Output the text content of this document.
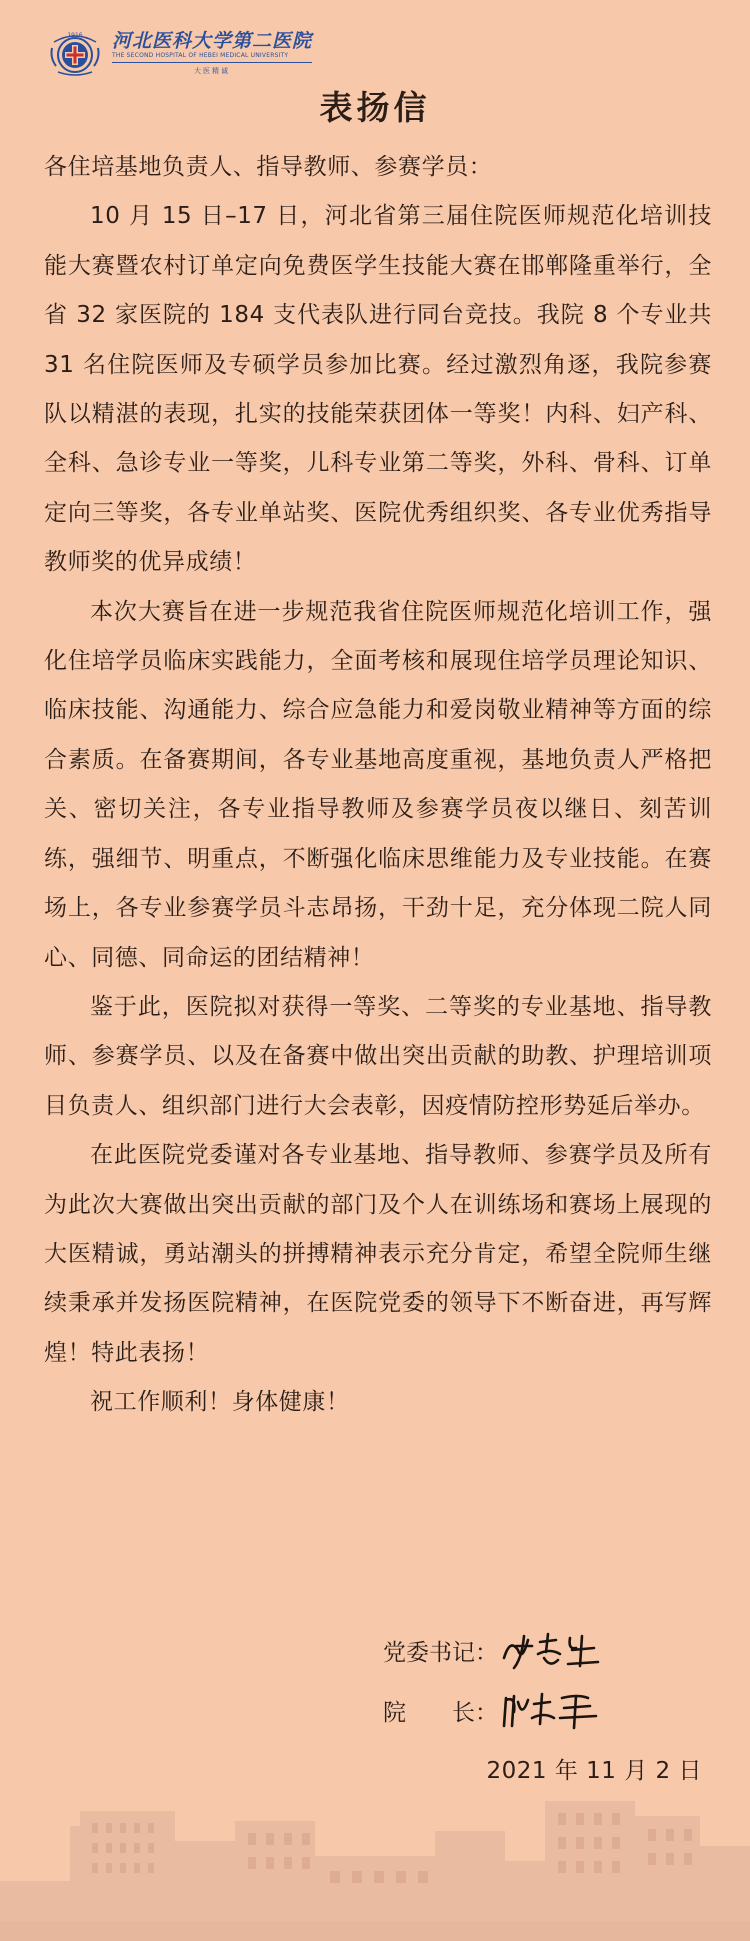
1916 河北医科大学第二医院
THE SECOND HOSPITAL OF HEBEI MEDICAL UNIVERSITY
大医精诚
表扬信

各住培基地负责人、指导教师、参赛学员：

10 月 15 日–17 日，河北省第三届住院医师规范化培训技能大赛暨农村订单定向免费医学生技能大赛在邯郸隆重举行，全省 32 家医院的 184 支代表队进行同台竞技。我院 8 个专业共 31 名住院医师及专硕学员参加比赛。经过激烈角逐，我院参赛队以精湛的表现，扎实的技能荣获团体一等奖！内科、妇产科、全科、急诊专业一等奖，儿科专业第二等奖，外科、骨科、订单定向三等奖，各专业单站奖、医院优秀组织奖、各专业优秀指导教师奖的优异成绩！

本次大赛旨在进一步规范我省住院医师规范化培训工作，强化住培学员临床实践能力，全面考核和展现住培学员理论知识、临床技能、沟通能力、综合应急能力和爱岗敬业精神等方面的综合素质。在备赛期间，各专业基地高度重视，基地负责人严格把关、密切关注，各专业指导教师及参赛学员夜以继日、刻苦训练，强细节、明重点，不断强化临床思维能力及专业技能。在赛场上，各专业参赛学员斗志昂扬，干劲十足，充分体现二院人同心、同德、同命运的团结精神！

鉴于此，医院拟对获得一等奖、二等奖的专业基地、指导教师、参赛学员、以及在备赛中做出突出贡献的助教、护理培训项目负责人、组织部门进行大会表彰，因疫情防控形势延后举办。

在此医院党委谨对各专业基地、指导教师、参赛学员及所有为此次大赛做出突出贡献的部门及个人在训练场和赛场上展现的大医精诚，勇站潮头的拼搏精神表示充分肯定，希望全院师生继续秉承并发扬医院精神，在医院党委的领导下不断奋进，再写辉煌！特此表扬！

祝工作顺利！身体健康！

党委书记：
院　　长：
2021 年 11 月 2 日
